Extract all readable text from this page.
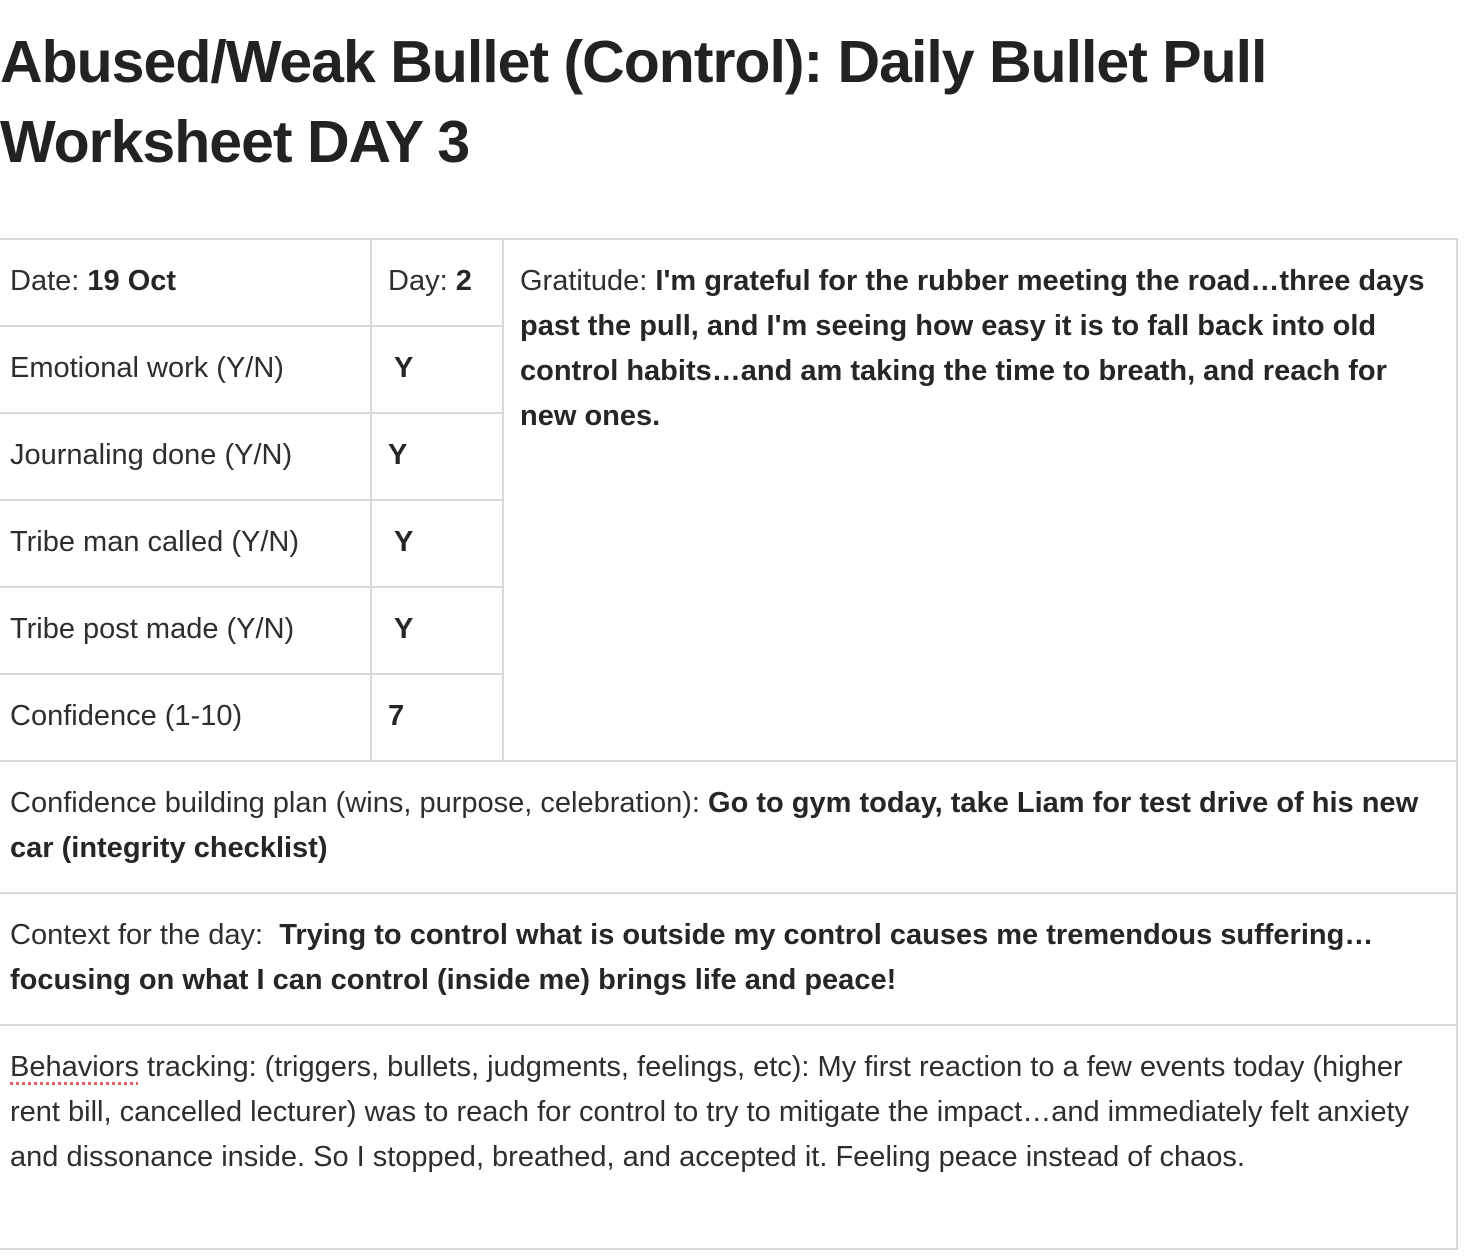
Abused/Weak Bullet (Control): Daily Bullet Pull
Worksheet DAY 3
Date: 19 Oct	Day: 2	Gratitude: I'm grateful for the rubber meeting the road…three days past the pull, and I'm seeing how easy it is to fall back into old control habits…and am taking the time to breath, and reach for new ones.
Emotional work (Y/N)	Y	
Journaling done (Y/N)	Y	
Tribe man called (Y/N)	Y	
Tribe post made (Y/N)	Y	
Confidence (1-10)	7	
Confidence building plan (wins, purpose, celebration): Go to gym today, take Liam for test drive of his new car (integrity checklist)		
Context for the day:  Trying to control what is outside my control causes me tremendous suffering…focusing on what I can control (inside me) brings life and peace!		
Behaviors tracking: (triggers, bullets, judgments, feelings, etc): My first reaction to a few events today (higher rent bill, cancelled lecturer) was to reach for control to try to mitigate the impact…and immediately felt anxiety and dissonance inside. So I stopped, breathed, and accepted it. Feeling peace instead of chaos.		
